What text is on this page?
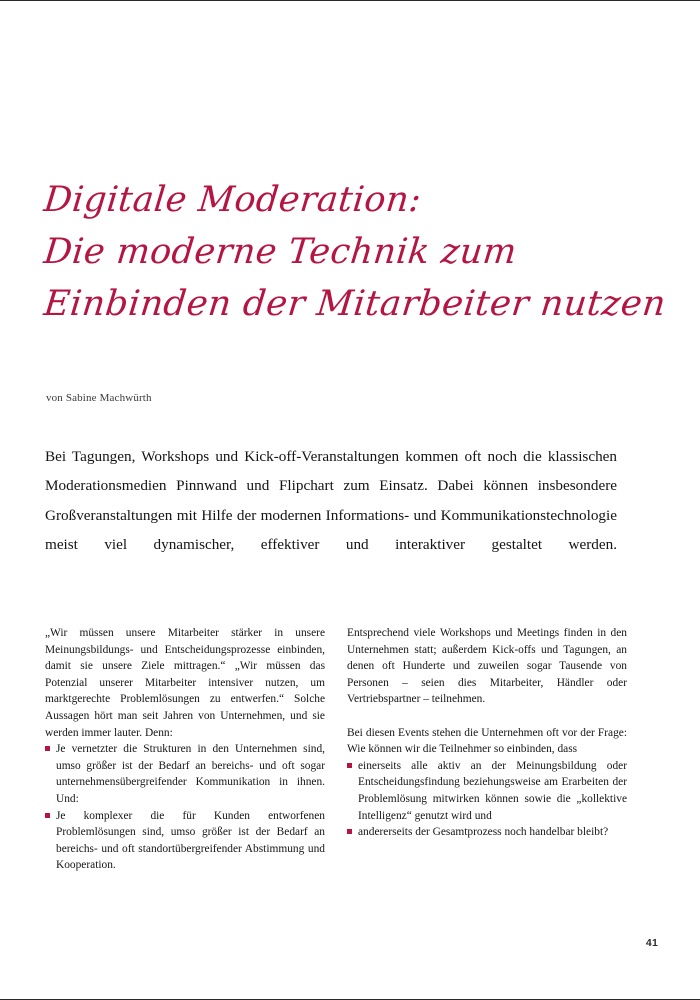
Digitale Moderation:
Die moderne Technik zum
Einbinden der Mitarbeiter nutzen
von Sabine Machwürth

Bei Tagungen, Workshops und Kick-off-Veranstaltungen kommen oft noch die klassischen Moderationsmedien Pinnwand und Flipchart zum Einsatz. Dabei können insbesondere Großveranstaltungen mit Hilfe der modernen Informations- und Kommunikationstechnologie meist viel dynamischer, effektiver und interaktiver gestaltet werden.

„Wir müssen unsere Mitarbeiter stärker in unsere Meinungsbildungs- und Entscheidungsprozesse einbinden, damit sie unsere Ziele mittragen.“ „Wir müssen das Potenzial unserer Mitarbeiter intensiver nutzen, um marktgerechte Problemlösungen zu entwerfen.“ Solche Aussagen hört man seit Jahren von Unternehmen, und sie werden immer lauter. Denn:

Je vernetzter die Strukturen in den Unternehmen sind, umso größer ist der Bedarf an bereichs- und oft sogar unternehmensübergreifender Kommunikation in ihnen. Und:
Je komplexer die für Kunden entworfenen Problemlösungen sind, umso größer ist der Bedarf an bereichs- und oft standortübergreifender Abstimmung und Kooperation.

Entsprechend viele Workshops und Meetings finden in den Unternehmen statt; außerdem Kick-offs und Tagungen, an denen oft Hunderte und zuweilen sogar Tausende von Personen – seien dies Mitarbeiter, Händler oder Vertriebspartner – teilnehmen.

Bei diesen Events stehen die Unternehmen oft vor der Frage: Wie können wir die Teilnehmer so einbinden, dass

einerseits alle aktiv an der Meinungsbildung oder Entscheidungsfindung beziehungsweise am Erarbeiten der Problemlösung mitwirken können sowie die „kollektive Intelligenz“ genutzt wird und
andererseits der Gesamtprozess noch handelbar bleibt?
41
